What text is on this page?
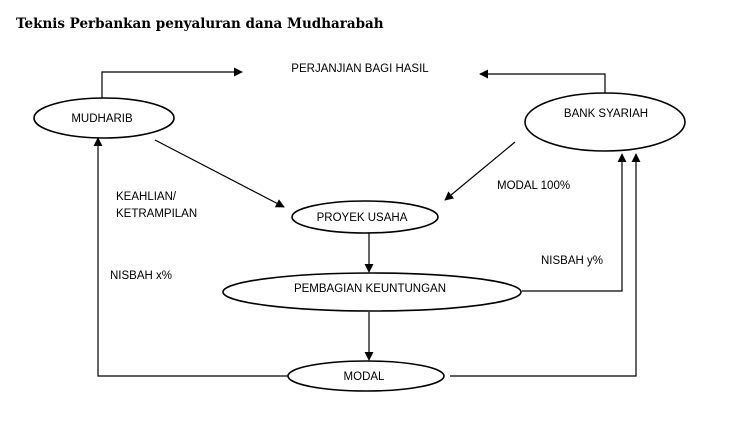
Teknis Perbankan penyaluran dana Mudharabah
MUDHARIB	BANK SYARIAH
PROYEK USAHA
PEMBAGIAN KEUNTUNGAN
MODAL
PERJANJIAN BAGI HASIL
KEAHLIAN/
KETRAMPILAN
MODAL 100%
NISBAH x%
NISBAH y%
